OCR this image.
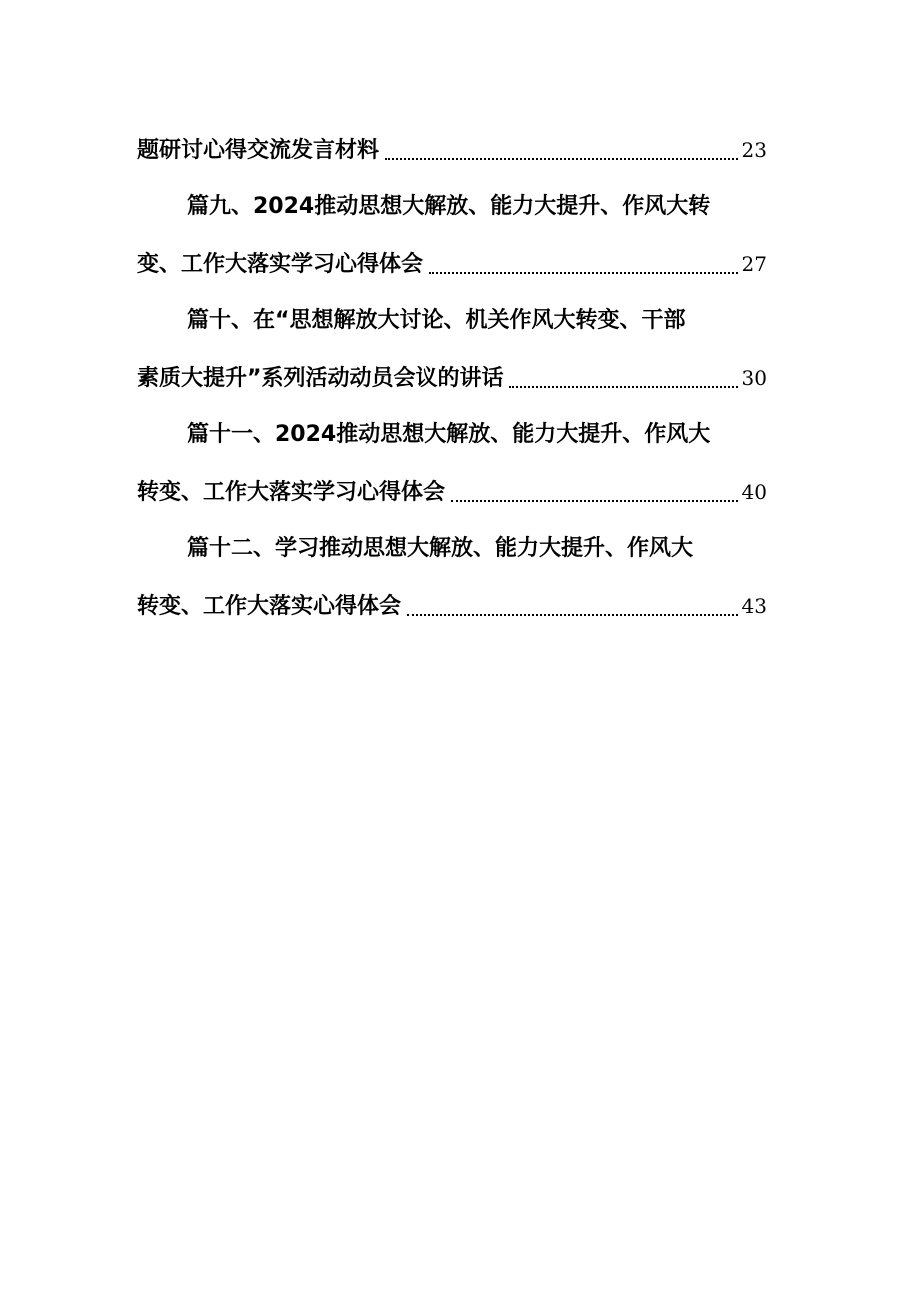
题研讨心得交流发言材料	23
篇九、2024推动思想大解放、能力大提升、作风大转
变、工作大落实学习心得体会	27
篇十、在“思想解放大讨论、机关作风大转变、干部
素质大提升”系列活动动员会议的讲话	30
篇十一、2024推动思想大解放、能力大提升、作风大
转变、工作大落实学习心得体会	40
篇十二、学习推动思想大解放、能力大提升、作风大
转变、工作大落实心得体会	43
